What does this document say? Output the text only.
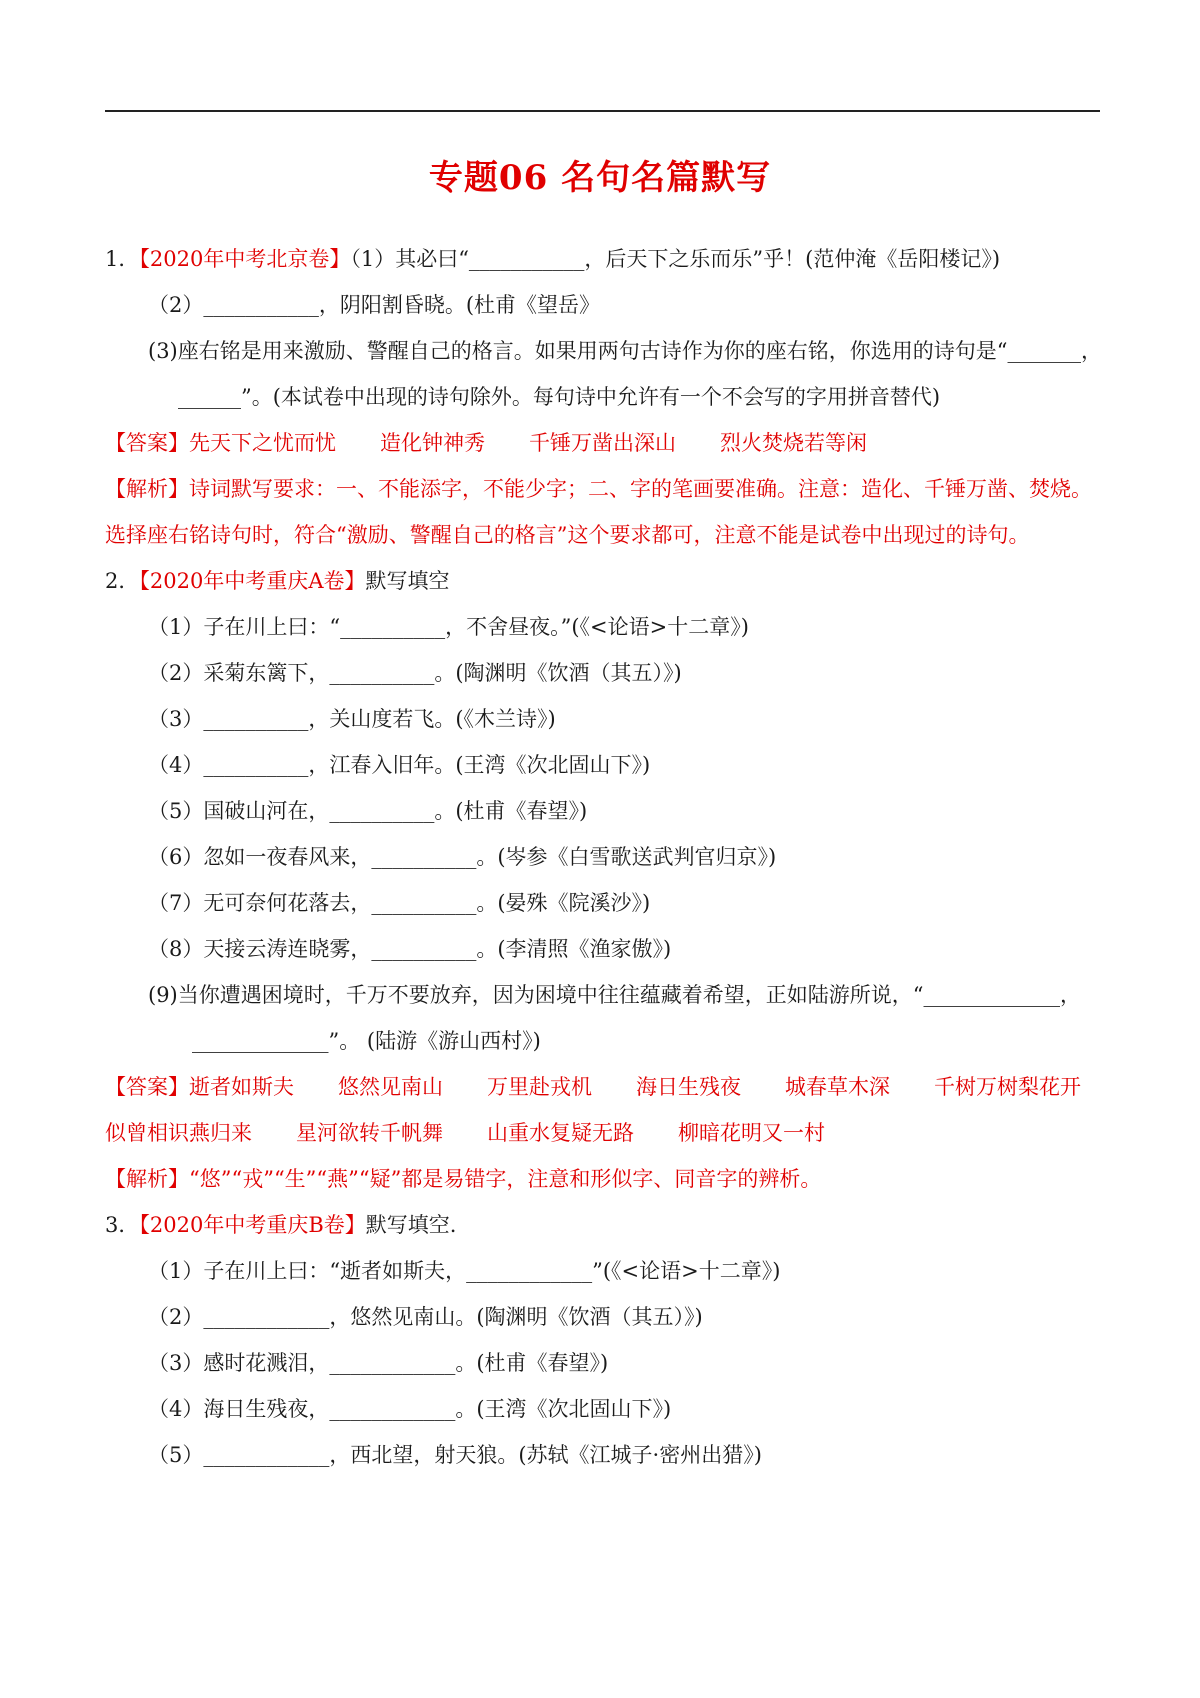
专题06 名句名篇默写
1．【2020年中考北京卷】（1）其必曰“___________，后天下之乐而乐”乎！(范仲淹《岳阳楼记》)
（2）___________，阴阳割昏晓。(杜甫《望岳》
(3)座右铭是用来激励、警醒自己的格言。如果用两句古诗作为你的座右铭，你选用的诗句是“_______，
______”。(本试卷中出现的诗句除外。每句诗中允许有一个不会写的字用拼音替代)
【答案】先天下之忧而忧 造化钟神秀 千锤万凿出深山 烈火焚烧若等闲
【解析】诗词默写要求：一、不能添字，不能少字；二、字的笔画要准确。注意：造化、千锤万凿、焚烧。
选择座右铭诗句时，符合“激励、警醒自己的格言”这个要求都可，注意不能是试卷中出现过的诗句。
2．【2020年中考重庆A卷】默写填空
（1）子在川上曰：“__________，不舍昼夜。”(《<论语>十二章》)
（2）采菊东篱下，__________。(陶渊明《饮酒（其五）》)
（3）__________，关山度若飞。(《木兰诗》)
（4）__________，江春入旧年。(王湾《次北固山下》)
（5）国破山河在，__________。(杜甫《春望》)
（6）忽如一夜春风来，__________。(岑参《白雪歌送武判官归京》)
（7）无可奈何花落去，__________。(晏殊《院溪沙》)
（8）天接云涛连晓雾，__________。(李清照《渔家傲》)
(9)当你遭遇困境时，千万不要放弃，因为困境中往往蕴藏着希望，正如陆游所说，“_____________，
_____________”。 (陆游《游山西村》)
【答案】逝者如斯夫 悠然见南山 万里赴戎机 海日生残夜 城春草木深 千树万树梨花开
似曾相识燕归来 星河欲转千帆舞 山重水复疑无路 柳暗花明又一村
【解析】“悠”“戎”“生”“燕”“疑”都是易错字，注意和形似字、同音字的辨析。
3．【2020年中考重庆B卷】默写填空.
（1）子在川上曰：“逝者如斯夫，____________”(《<论语>十二章》)
（2）____________，悠然见南山。(陶渊明《饮酒（其五）》)
（3）感时花溅泪，____________。(杜甫《春望》)
（4）海日生残夜，____________。(王湾《次北固山下》)
（5）____________，西北望，射天狼。(苏轼《江城子·密州出猎》)
